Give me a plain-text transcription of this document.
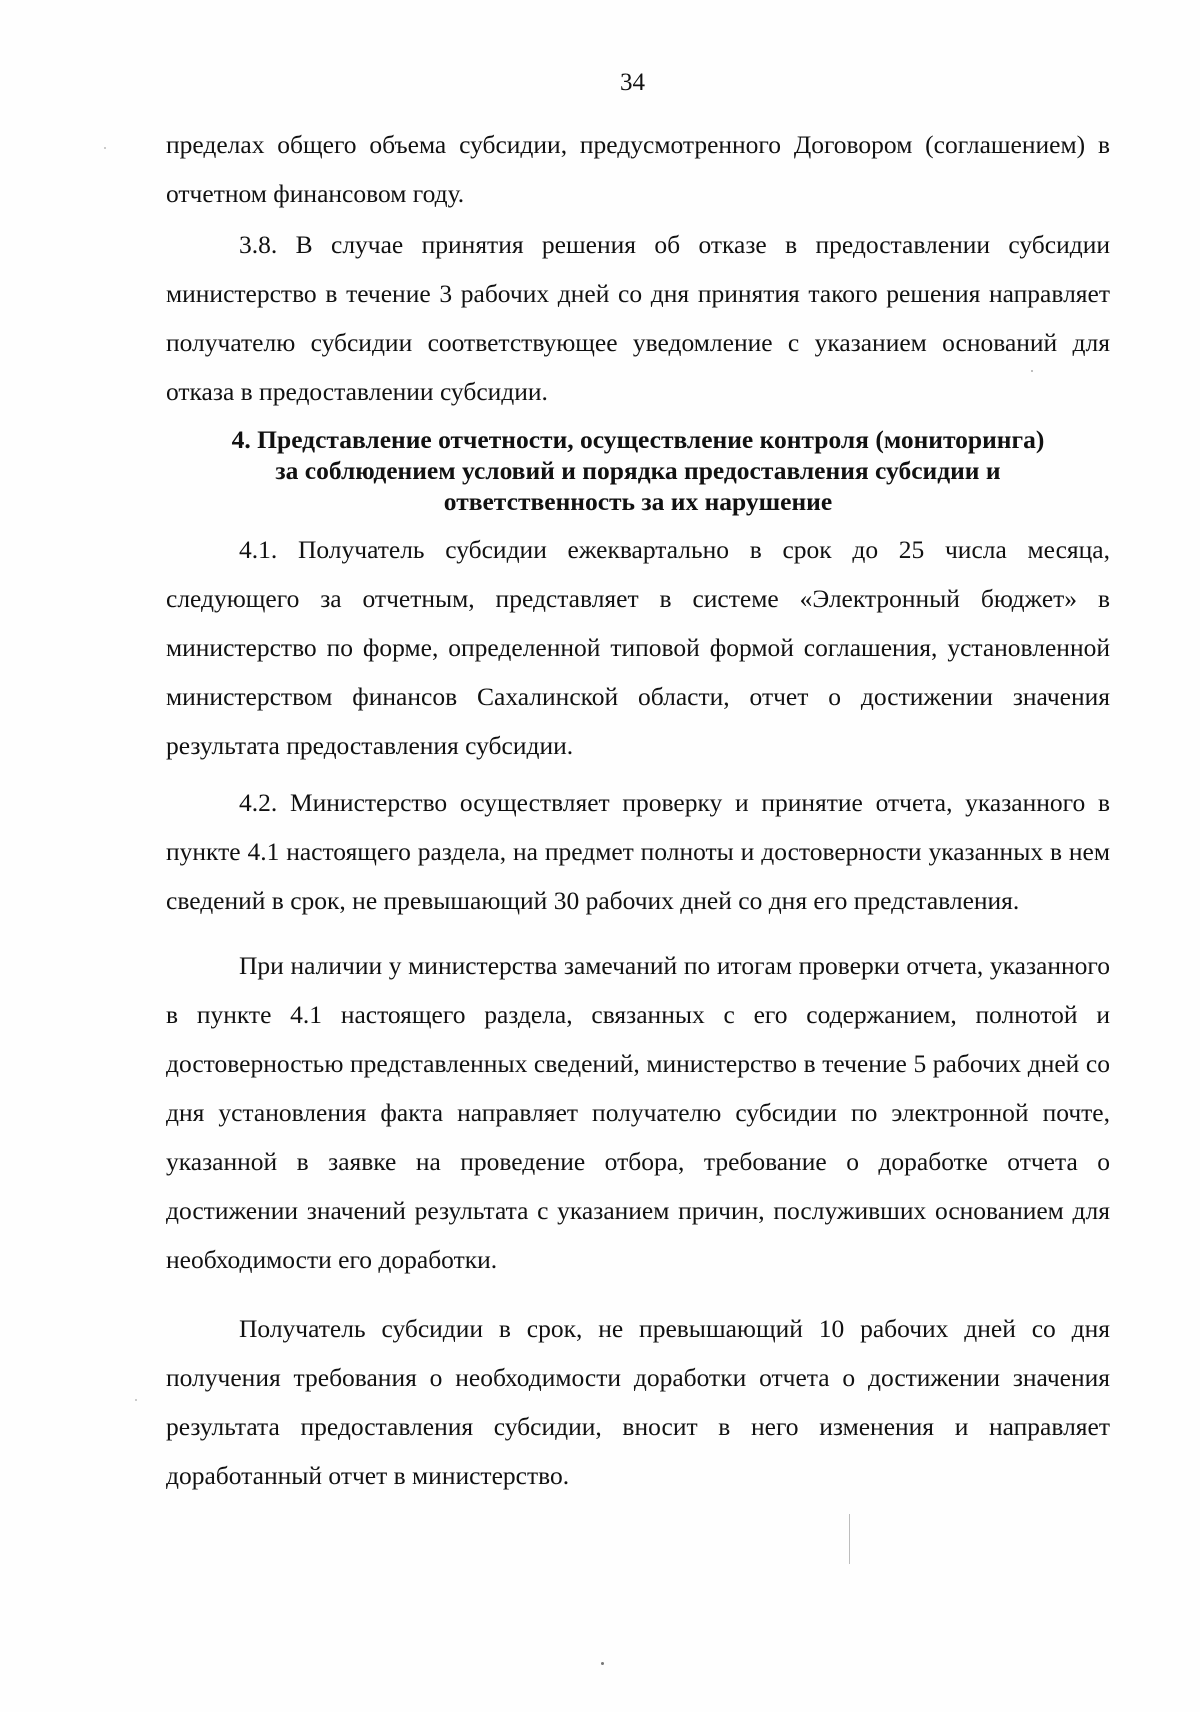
34

пределах общего объема субсидии, предусмотренного Договором (соглашением) в отчетном финансовом году.

3.8. В случае принятия решения об отказе в предоставлении субсидии министерство в течение 3 рабочих дней со дня принятия такого решения направляет получателю субсидии соответствующее уведомление с указанием оснований для отказа в предоставлении субсидии.

4. Представление отчетности, осуществление контроля (мониторинга)
за соблюдением условий и порядка предоставления субсидии и
ответственность за их нарушение

4.1. Получатель субсидии ежеквартально в срок до 25 числа месяца, следующего за отчетным, представляет в системе «Электронный бюджет» в министерство по форме, определенной типовой формой соглашения, установленной министерством финансов Сахалинской области, отчет о достижении значения результата предоставления субсидии.

4.2. Министерство осуществляет проверку и принятие отчета, указанного в пункте 4.1 настоящего раздела, на предмет полноты и достоверности указанных в нем сведений в срок, не превышающий 30 рабочих дней со дня его представления.

При наличии у министерства замечаний по итогам проверки отчета, указанного в пункте 4.1 настоящего раздела, связанных с его содержанием, полнотой и достоверностью представленных сведений, министерство в течение 5 рабочих дней со дня установления факта направляет получателю субсидии по электронной почте, указанной в заявке на проведение отбора, требование о доработке отчета о достижении значений результата с указанием причин, послуживших основанием для необходимости его доработки.

Получатель субсидии в срок, не превышающий 10 рабочих дней со дня получения требования о необходимости доработки отчета о достижении значения результата предоставления субсидии, вносит в него изменения и направляет доработанный отчет в министерство.
